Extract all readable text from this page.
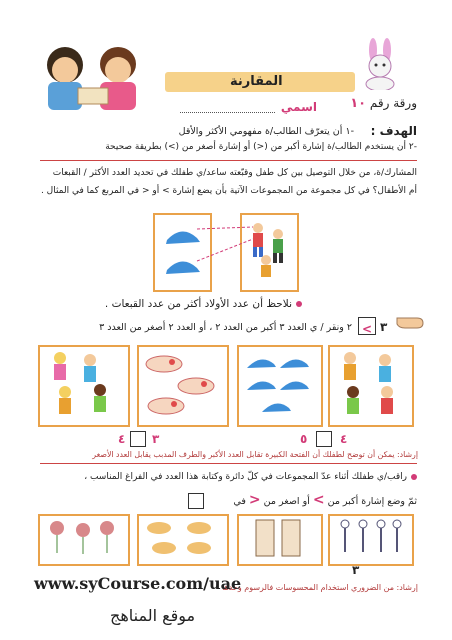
المقارنة
ورقة رقم ١٠
اسمي
الهدف :
-١ أن يتعرّف الطالب/ة مفهومي الأكثر والأقل
-٢ أن يستخدم الطالب/ة إشارة أكبر من (<) أو إشارة أصغر من (>) بطريقة صحيحة
المشارك/ة، من خلال التوصيل بين كل طفل وقبّعته ساعد/ي طفلك في تحديد العدد الأكثر / القبعات
أم الأطفال؟ في كل مجموعة من المجموعات الآتية بأن يضع إشارة > أو < في المربع كما في المثال .
نلاحظ أن عدد الأولاد أكثر من عدد القبعات .
٣
>
٢ ونقر / ي العدد ٣ أكبر من العدد ٢ ، أو العدد ٢ أصغر من العدد ٣
٤ ٣	٥	٤
إرشاد: يمكن أن توضح لطفلك أن الفتحة الكبيرة تقابل العدد الأكبر والطرف المدبب يقابل العدد الأصغر
راقب/ي طفلك أثناء عدّ المجموعات في كلّ دائرة وكتابة هذا العدد في الفراغ المناسب ،
ثمّ وضع إشارة أكبر من > أو اصغر من < في
٣
إرشاد: من الضروري استخدام المحسوسات فالرسوم وحدها
www.syCourse.com/uae
موقع المناهج
